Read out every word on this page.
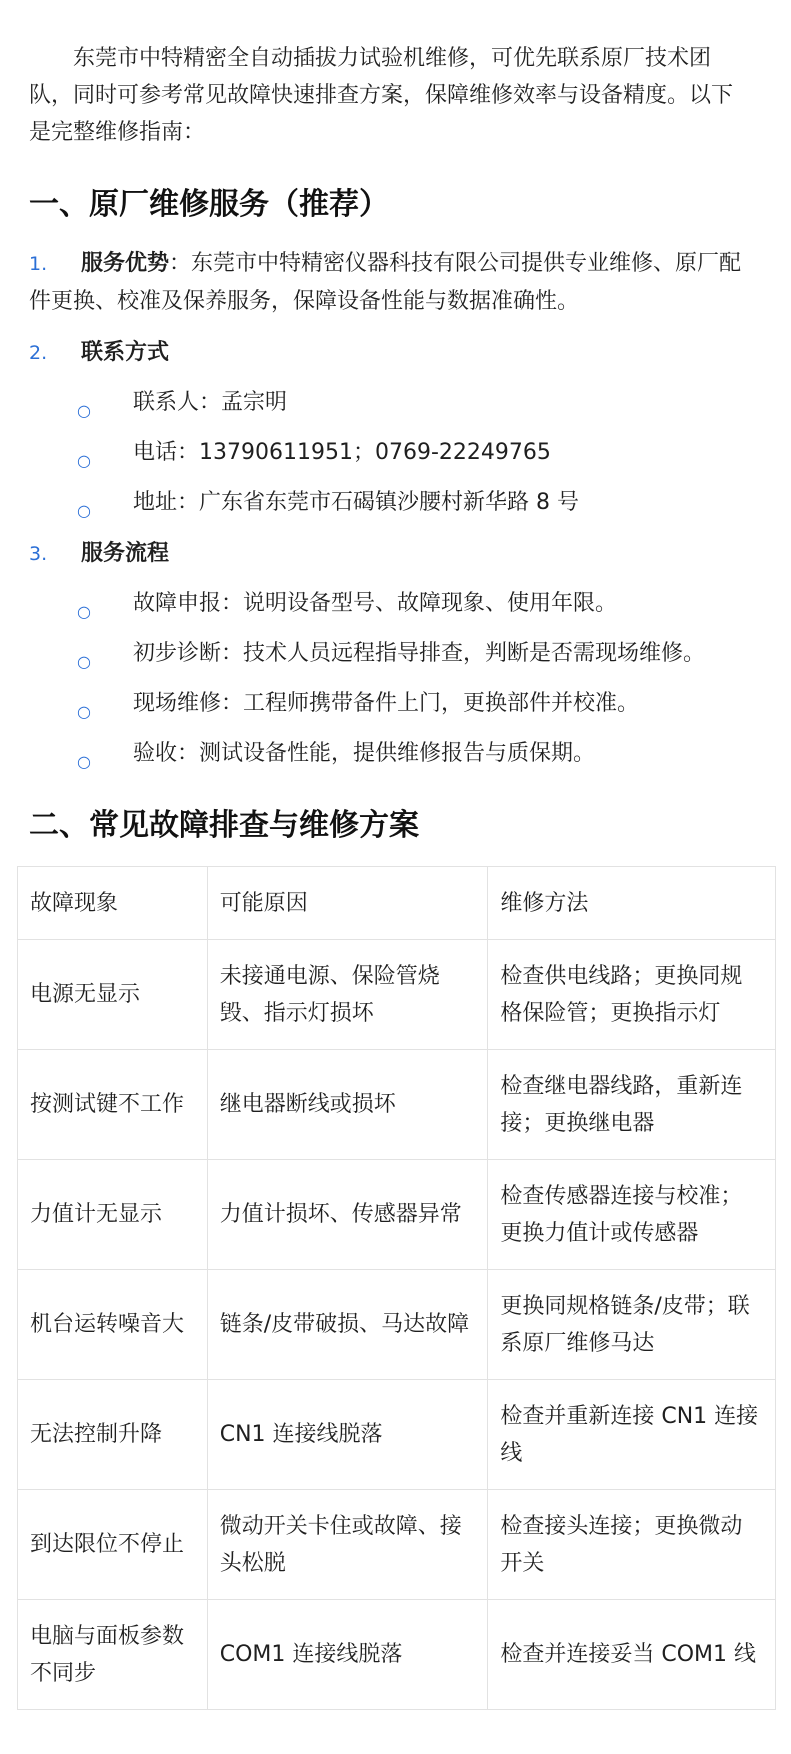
东莞市中特精密全自动插拔力试验机维修，可优先联系原厂技术团队，同时可参考常见故障快速排查方案，保障维修效率与设备精度。以下是完整维修指南：

一、原厂维修服务（推荐）
1. 服务优势：东莞市中特精密仪器科技有限公司提供专业维修、原厂配件更换、校准及保养服务，保障设备性能与数据准确性。
2. 联系方式
○ 联系人：孟宗明
○ 电话：13790611951；0769-22249765
○ 地址：广东省东莞市石碣镇沙腰村新华路 8 号
3. 服务流程
○ 故障申报：说明设备型号、故障现象、使用年限。
○ 初步诊断：技术人员远程指导排查，判断是否需现场维修。
○ 现场维修：工程师携带备件上门，更换部件并校准。
○ 验收：测试设备性能，提供维修报告与质保期。
二、常见故障排查与维修方案
故障现象	可能原因	维修方法
电源无显示	未接通电源、保险管烧毁、指示灯损坏	检查供电线路；更换同规格保险管；更换指示灯
按测试键不工作	继电器断线或损坏	检查继电器线路，重新连接；更换继电器
力值计无显示	力值计损坏、传感器异常	检查传感器连接与校准；更换力值计或传感器
机台运转噪音大	链条/皮带破损、马达故障	更换同规格链条/皮带；联系原厂维修马达
无法控制升降	CN1 连接线脱落	检查并重新连接 CN1 连接线
到达限位不停止	微动开关卡住或故障、接头松脱	检查接头连接；更换微动开关
电脑与面板参数不同步	COM1 连接线脱落	检查并连接妥当 COM1 线
